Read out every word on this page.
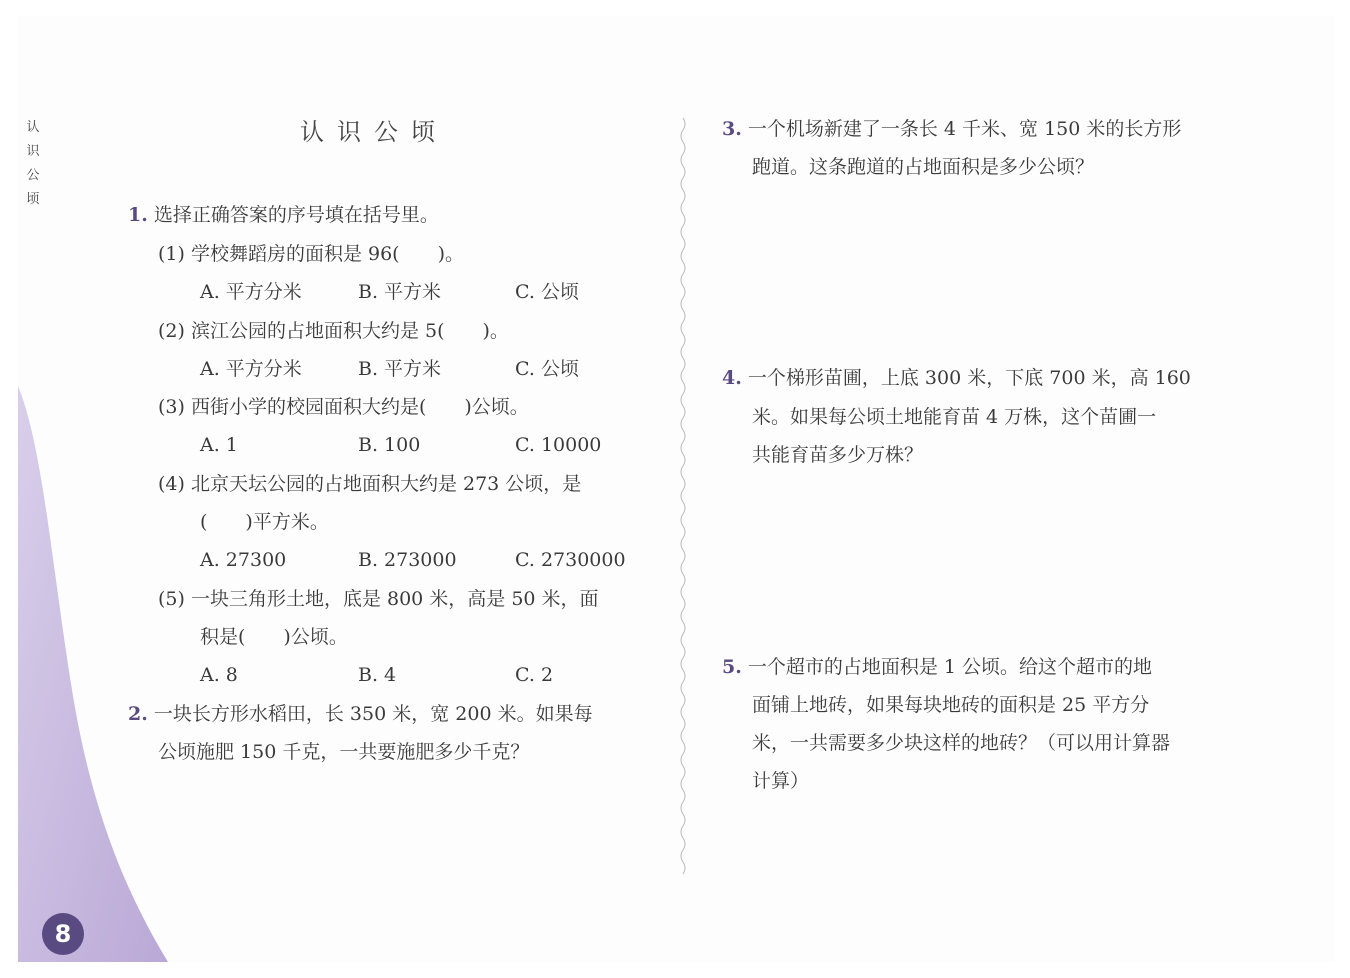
认
识
公
顷
8
认识公顷
1. 选择正确答案的序号填在括号里。
(1) 学校舞蹈房的面积是 96(　　)。
A. 平方分米	B. 平方米	C. 公顷
(2) 滨江公园的占地面积大约是 5(　　)。
A. 平方分米	B. 平方米	C. 公顷
(3) 西街小学的校园面积大约是(　　)公顷。
A. 1	B. 100	C. 10000
(4) 北京天坛公园的占地面积大约是 273 公顷，是
(　　)平方米。
A. 27300	B. 273000	C. 2730000
(5) 一块三角形土地，底是 800 米，高是 50 米，面
积是(　　)公顷。
A. 8	B. 4	C. 2
2. 一块长方形水稻田，长 350 米，宽 200 米。如果每
公顷施肥 150 千克，一共要施肥多少千克？
3. 一个机场新建了一条长 4 千米、宽 150 米的长方形
跑道。这条跑道的占地面积是多少公顷？
4. 一个梯形苗圃，上底 300 米，下底 700 米，高 160
米。如果每公顷土地能育苗 4 万株，这个苗圃一
共能育苗多少万株？
5. 一个超市的占地面积是 1 公顷。给这个超市的地
面铺上地砖，如果每块地砖的面积是 25 平方分
米，一共需要多少块这样的地砖？（可以用计算器
计算）
